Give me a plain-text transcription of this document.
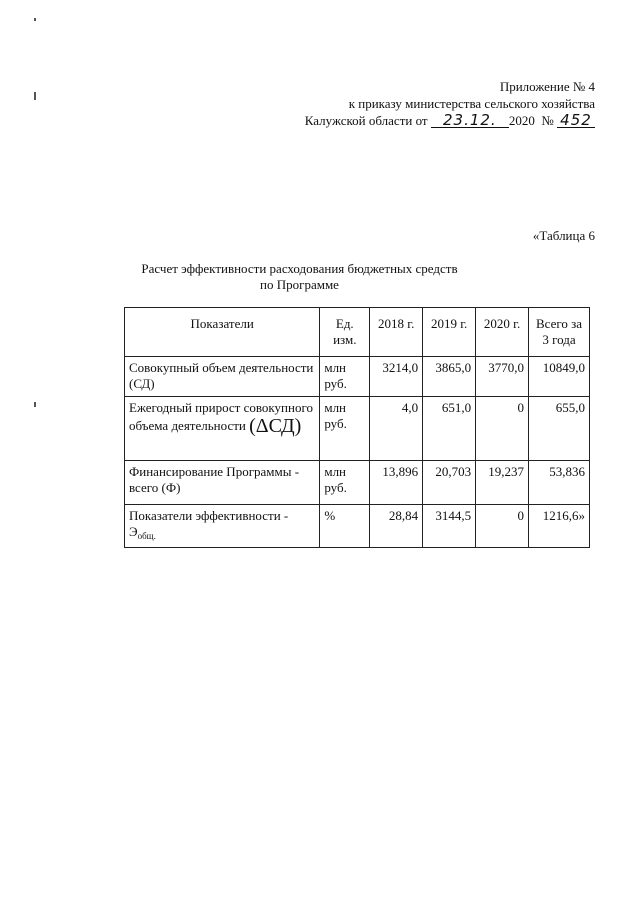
Приложение № 4
к приказу министерства сельского хозяйства
Калужской области от 23.12. 2020 № 452
«Таблица 6
Расчет эффективности расходования бюджетных средств
по Программе
Показатели	Ед. изм.	2018 г.	2019 г.	2020 г.	Всего за 3 года
Совокупный объем деятельности (СД)	млн руб.	3214,0	3865,0	3770,0	10849,0
Ежегодный прирост совокупного объема деятельности (ΔСД)	млн руб.	4,0	651,0	0	655,0
Финансирование Программы - всего (Ф)	млн руб.	13,896	20,703	19,237	53,836
Показатели эффективности - $Э_{общ.}$	%	28,84	3144,5	0	1216,6»
